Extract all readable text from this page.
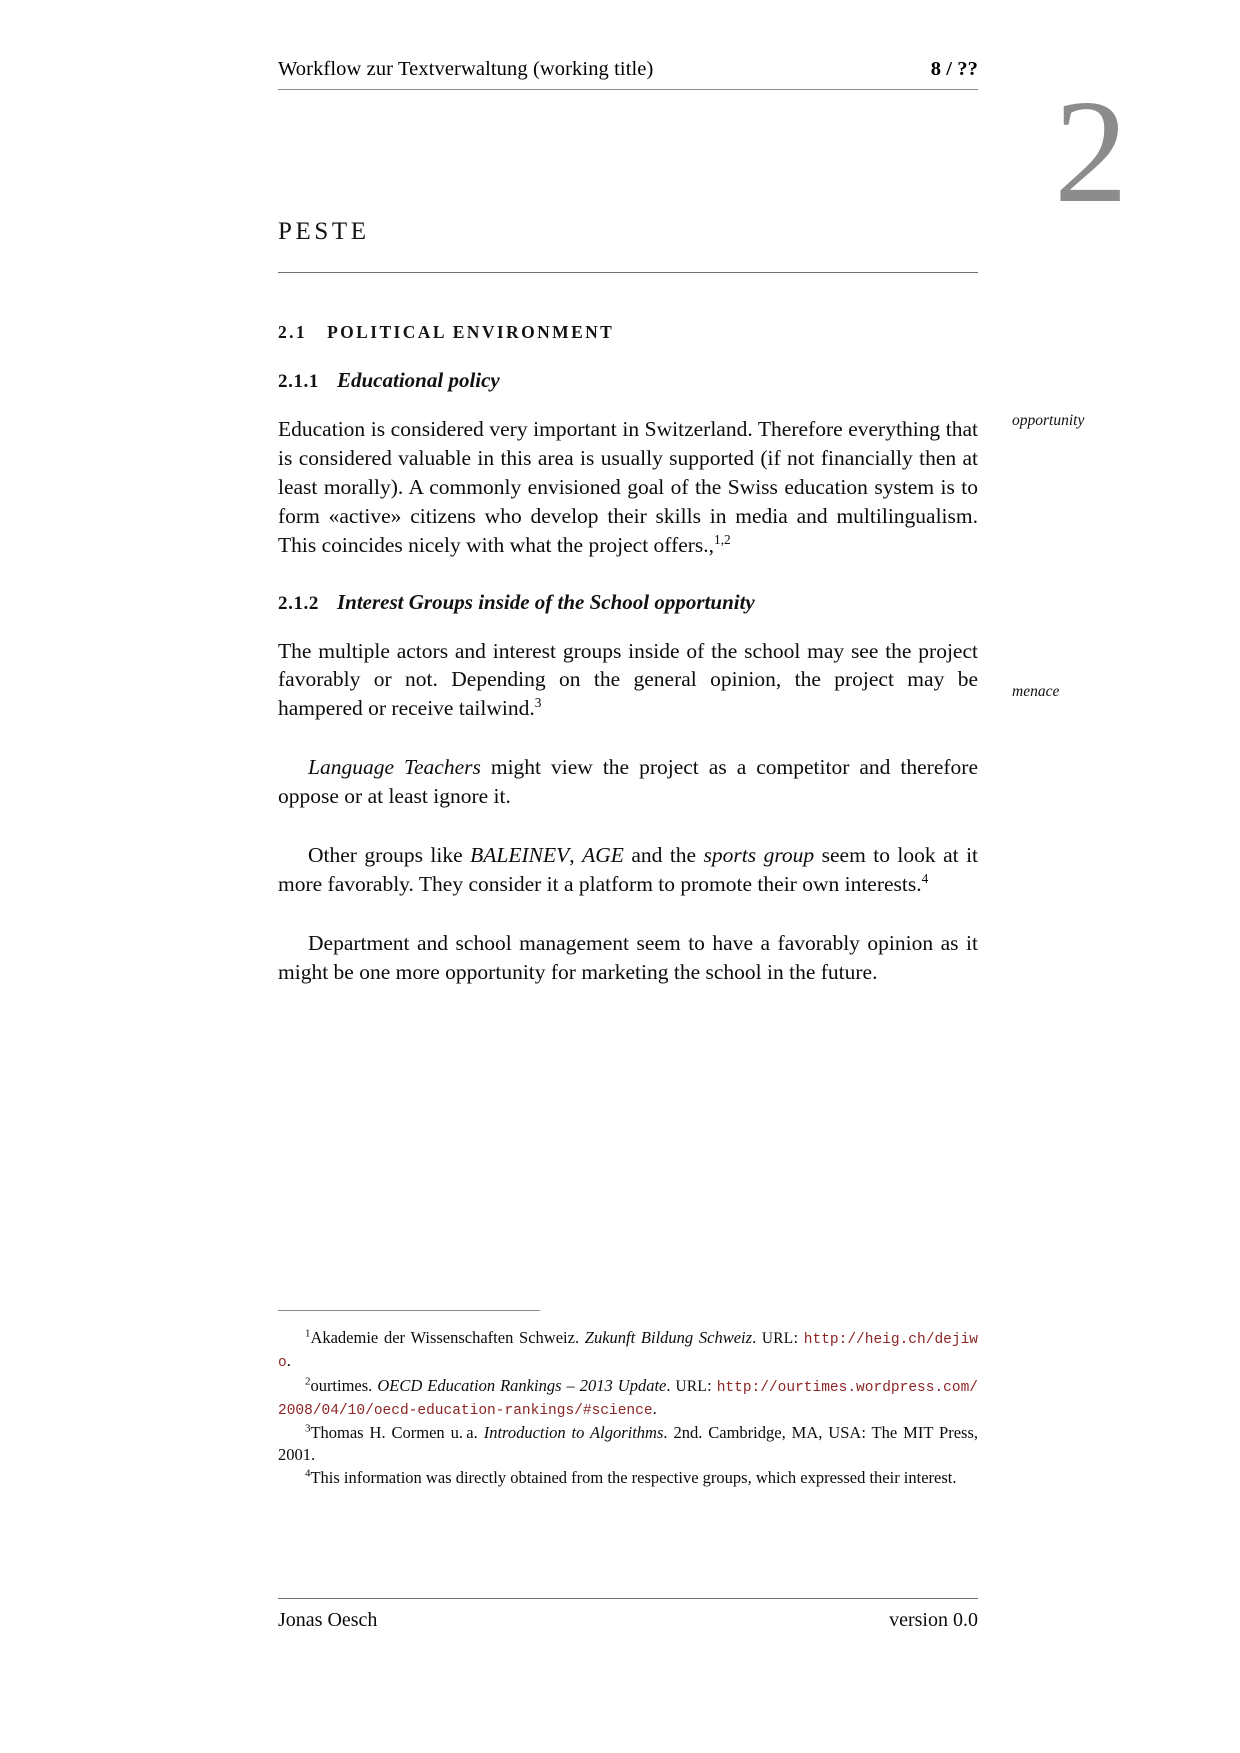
Workflow zur Textverwaltung (working title)	8 / ??
2
PESTE
2.1 POLITICAL ENVIRONMENT
opportunity
menace
2.1.1 Educational policy

Education is considered very important in Switzerland. Therefore everything that is considered valuable in this area is usually supported (if not financially then at least morally). A commonly envisioned goal of the Swiss education system is to form «active» citizens who develop their skills in media and multilingualism. This coincides nicely with what the project offers.,$^{1,2}$

2.1.2 Interest Groups inside of the School opportunity

The multiple actors and interest groups inside of the school may see the project favorably or not. Depending on the general opinion, the project may be hampered or receive tailwind.$^3$

Language Teachers might view the project as a competitor and therefore oppose or at least ignore it.

Other groups like BALEINEV, AGE and the sports group seem to look at it more favorably. They consider it a platform to promote their own interests.$^4$

Department and school management seem to have a favorably opinion as it might be one more opportunity for marketing the school in the future.

$^1$Akademie der Wissenschaften Schweiz. Zukunft Bildung Schweiz. URL: http://heig.ch/dejiwo.

$^2$ourtimes. OECD Education Rankings – 2013 Update. URL: http://ourtimes.wordpress.com/2008/04/10/oecd-education-rankings/#science.

$^3$Thomas H. Cormen u. a. Introduction to Algorithms. 2nd. Cambridge, MA, USA: The MIT Press, 2001.

$^4$This information was directly obtained from the respective groups, which expressed their interest.

Jonas Oesch	version 0.0
